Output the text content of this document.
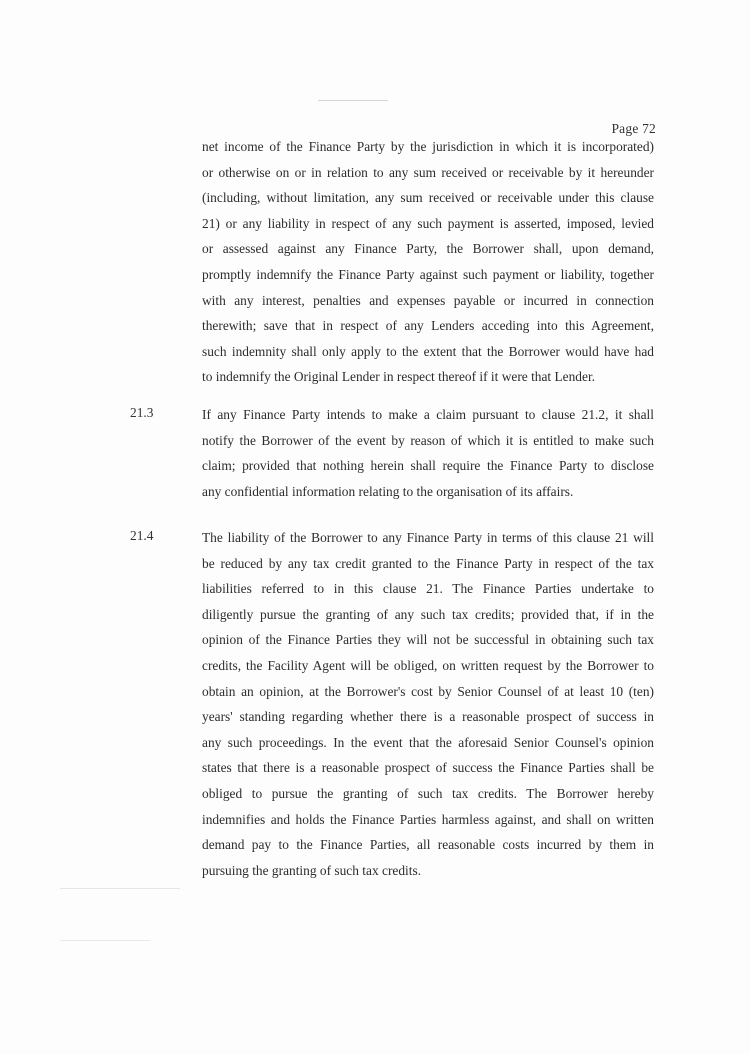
Page 72
net income of the Finance Party by the jurisdiction in which it is incorporated)
or otherwise on or in relation to any sum received or receivable by it hereunder
(including, without limitation, any sum received or receivable under this clause
21) or any liability in respect of any such payment is asserted, imposed, levied
or assessed against any Finance Party, the Borrower shall, upon demand,
promptly indemnify the Finance Party against such payment or liability, together
with any interest, penalties and expenses payable or incurred in connection
therewith; save that in respect of any Lenders acceding into this Agreement,
such indemnity shall only apply to the extent that the Borrower would have had
to indemnify the Original Lender in respect thereof if it were that Lender.
21.3	If any Finance Party intends to make a claim pursuant to clause 21.2, it shall
notify the Borrower of the event by reason of which it is entitled to make such
claim; provided that nothing herein shall require the Finance Party to disclose
any confidential information relating to the organisation of its affairs.
21.4	The liability of the Borrower to any Finance Party in terms of this clause 21 will
be reduced by any tax credit granted to the Finance Party in respect of the tax
liabilities referred to in this clause 21. The Finance Parties undertake to
diligently pursue the granting of any such tax credits; provided that, if in the
opinion of the Finance Parties they will not be successful in obtaining such tax
credits, the Facility Agent will be obliged, on written request by the Borrower to
obtain an opinion, at the Borrower's cost by Senior Counsel of at least 10 (ten)
years' standing regarding whether there is a reasonable prospect of success in
any such proceedings. In the event that the aforesaid Senior Counsel's opinion
states that there is a reasonable prospect of success the Finance Parties shall be
obliged to pursue the granting of such tax credits. The Borrower hereby
indemnifies and holds the Finance Parties harmless against, and shall on written
demand pay to the Finance Parties, all reasonable costs incurred by them in
pursuing the granting of such tax credits.
